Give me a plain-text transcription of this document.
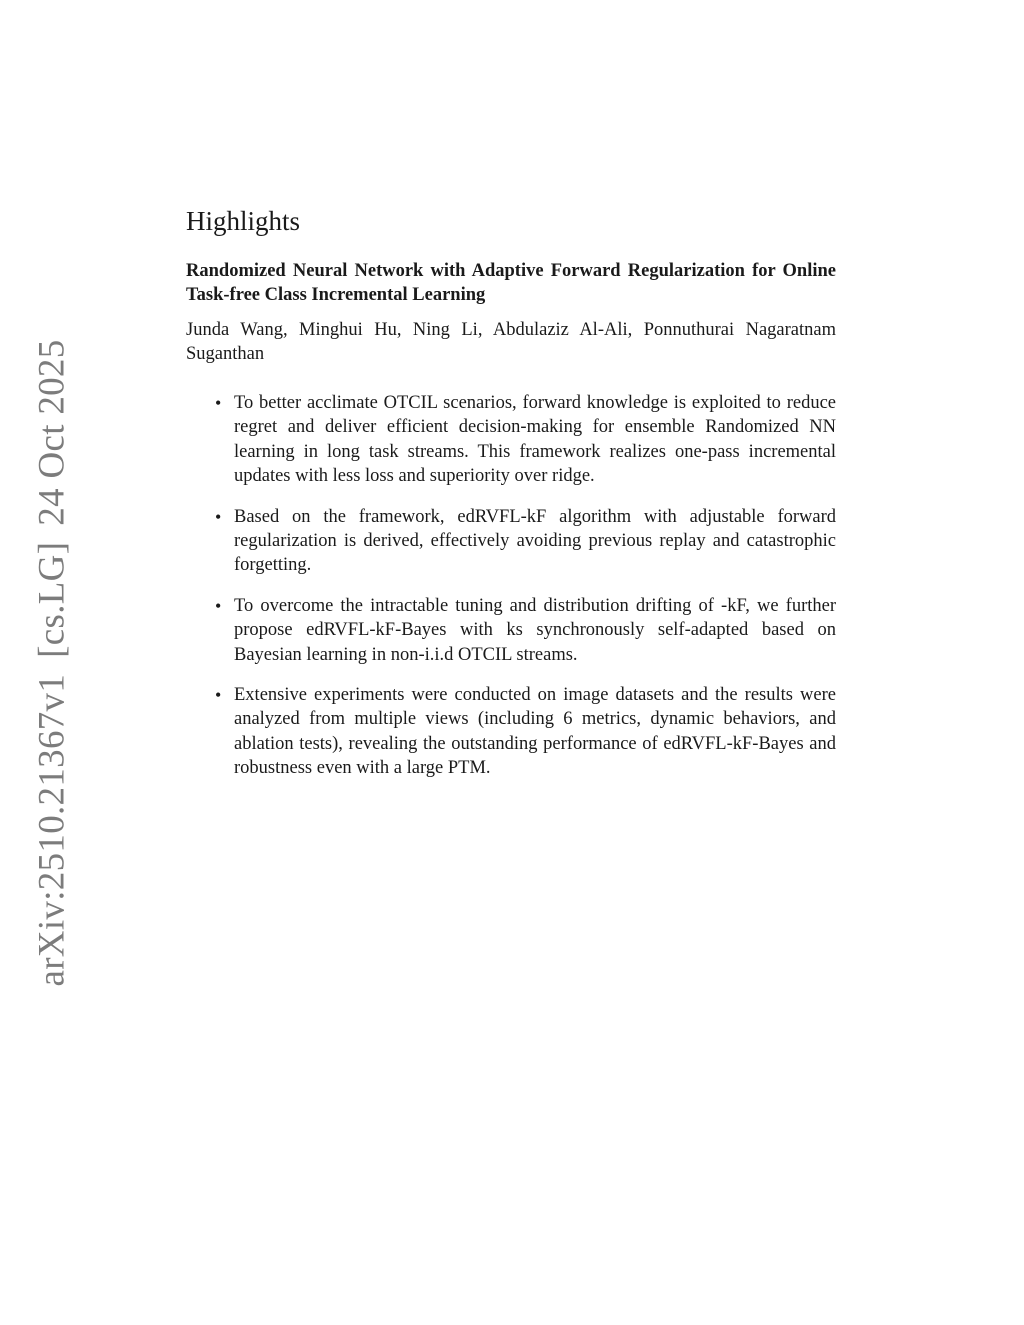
arXiv:2510.21367v1[cs.LG]24 Oct 2025
Highlights
Randomized Neural Network with Adaptive Forward Regularization for Online Task-free Class Incremental Learning
Junda Wang, Minghui Hu, Ning Li, Abdulaziz Al-Ali, Ponnuthurai Nagaratnam Suganthan
• To better acclimate OTCIL scenarios, forward knowledge is exploited to reduce regret and deliver efficient decision-making for ensemble Randomized NN learning in long task streams. This framework realizes one-pass incremental updates with less loss and superiority over ridge.
• Based on the framework, edRVFL-kF algorithm with adjustable forward regularization is derived, effectively avoiding previous replay and catastrophic forgetting.
• To overcome the intractable tuning and distribution drifting of -kF, we further propose edRVFL-kF-Bayes with ks synchronously self-adapted based on Bayesian learning in non-i.i.d OTCIL streams.
• Extensive experiments were conducted on image datasets and the results were analyzed from multiple views (including 6 metrics, dynamic behaviors, and ablation tests), revealing the outstanding performance of edRVFL-kF-Bayes and robustness even with a large PTM.
